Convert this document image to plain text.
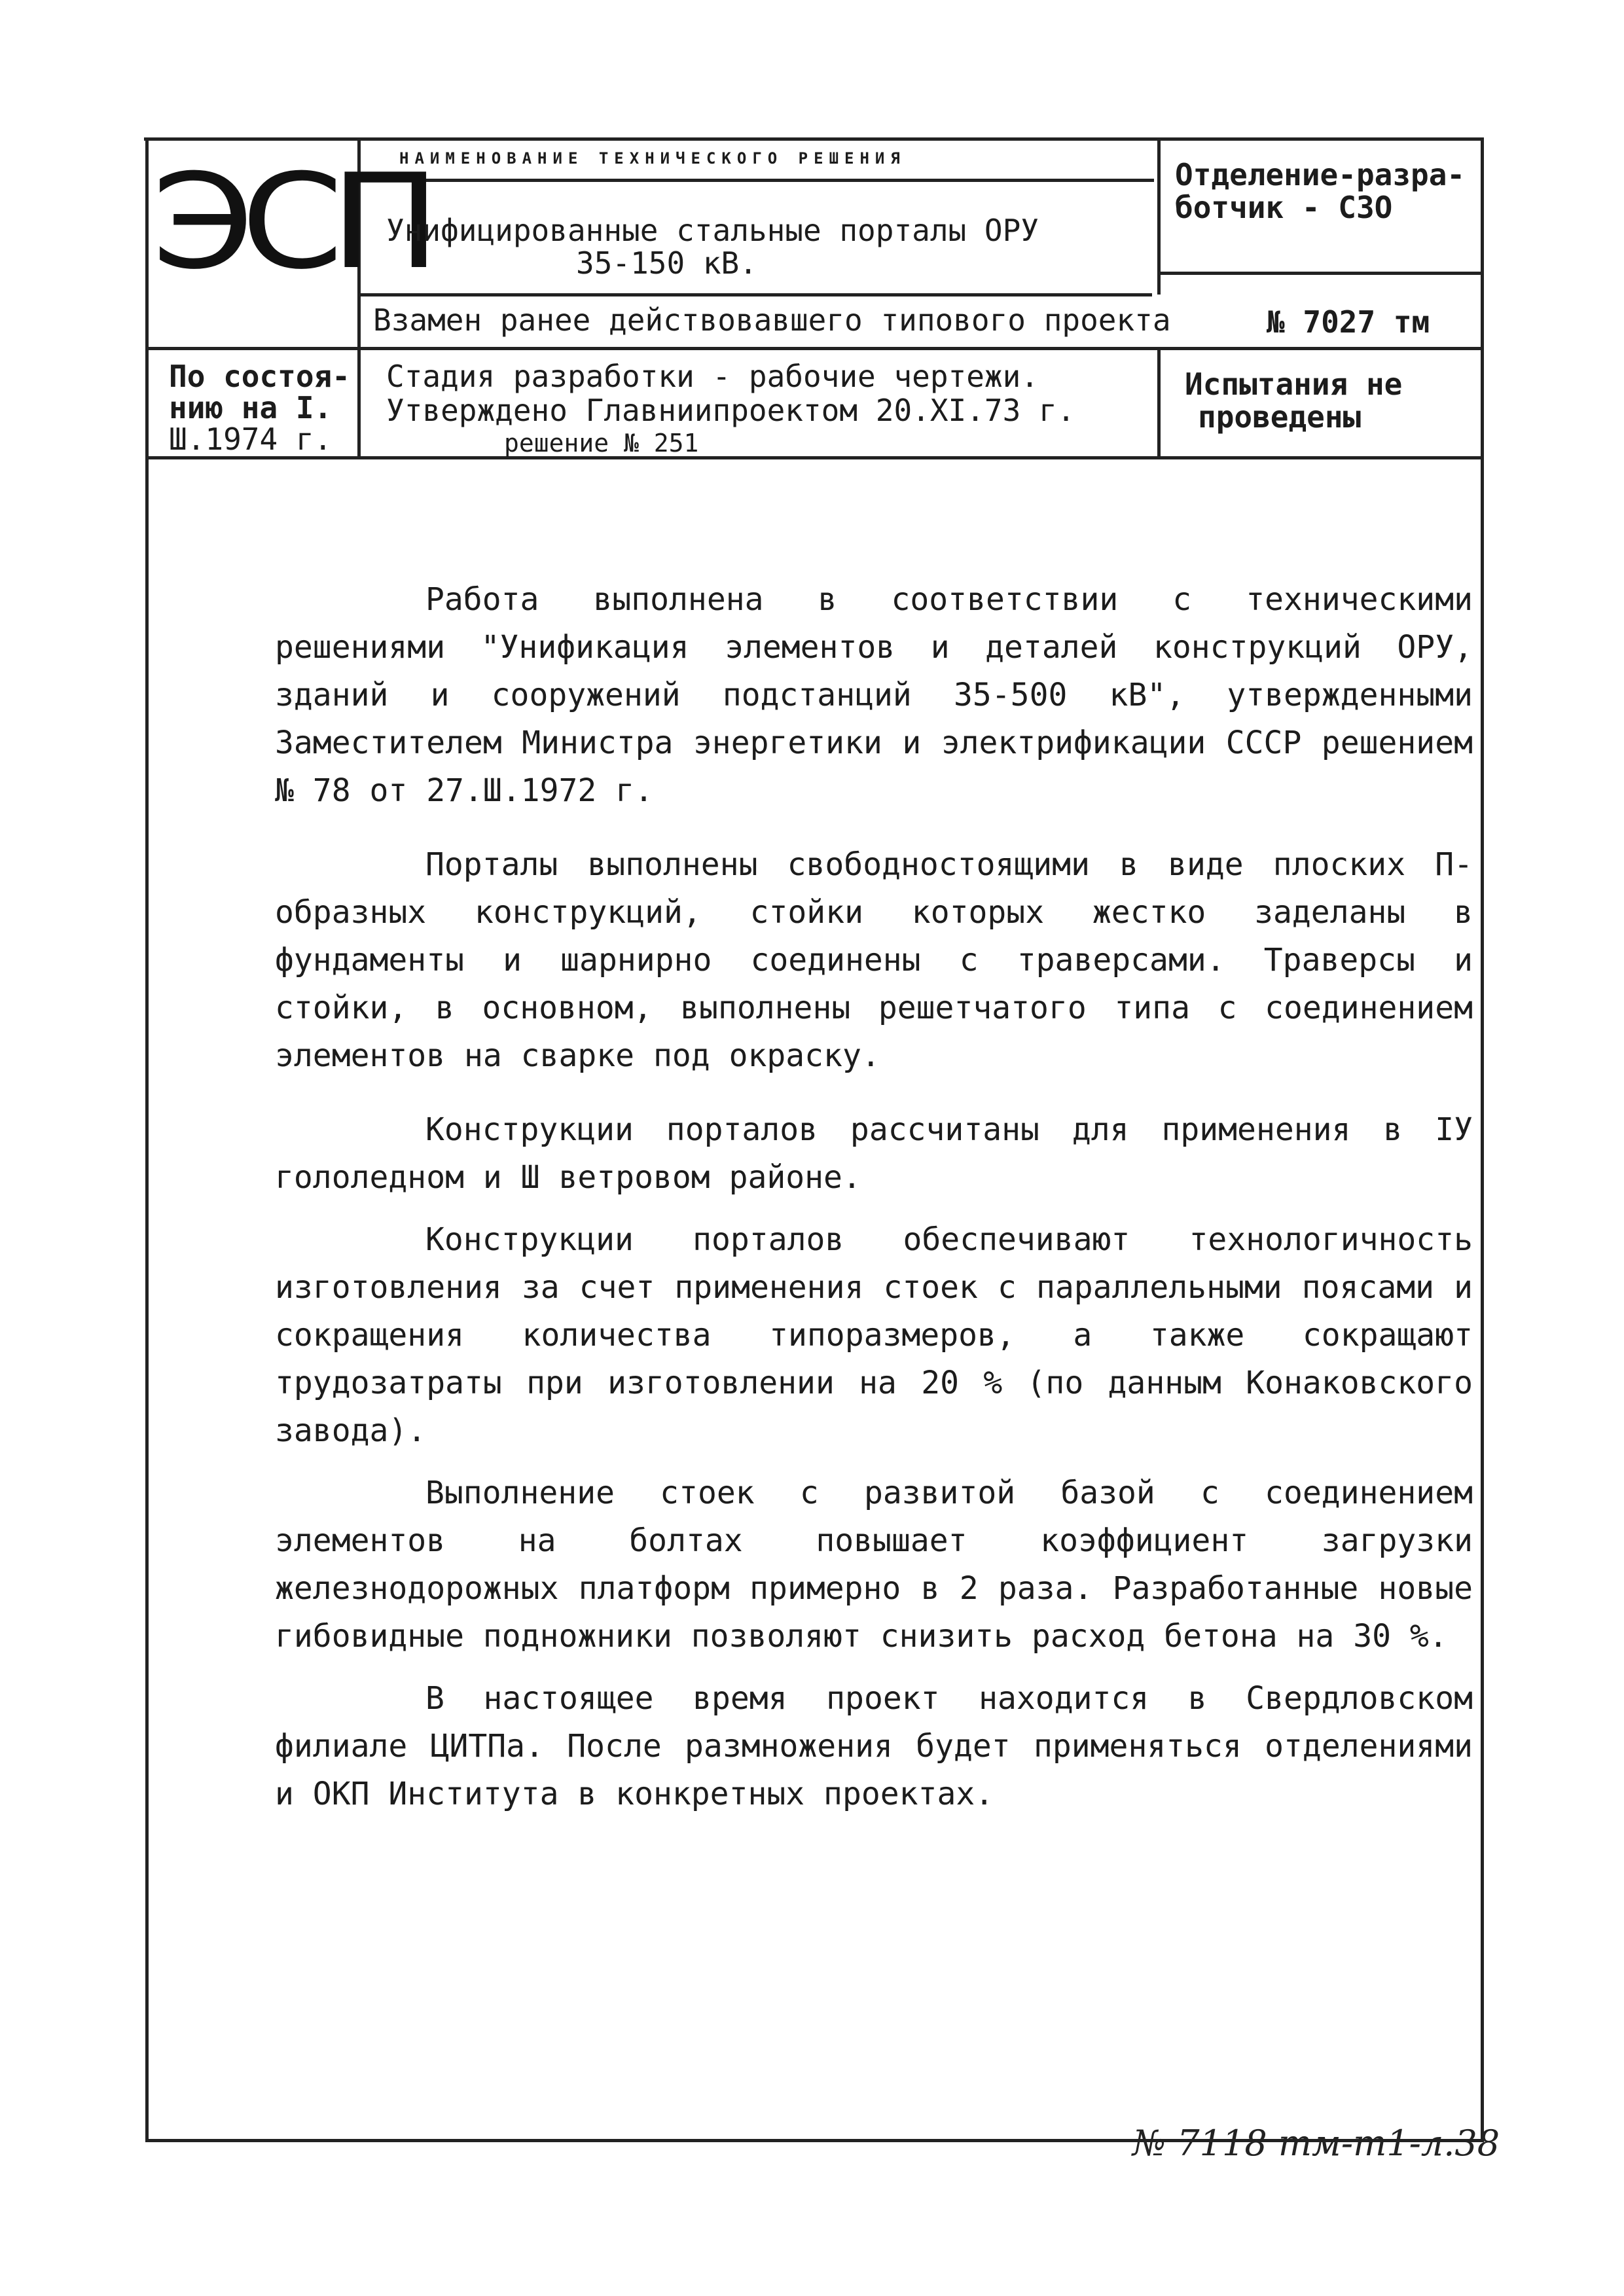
ЭСП
НАИМЕНОВАНИЕ ТЕХНИЧЕСКОГО РЕШЕНИЯ
Унифицированные стальные порталы ОРУ
35-150 кВ.
Отделение-разра-
ботчик - СЗО
Взамен ранее действовавшего типового проекта	№ 7027 тм
По состоя-
нию на I.
Ш.1974 г.
Стадия разработки - рабочие чертежи.
Утверждено Главниипроектом 20.XI.73 г.
решение № 251
Испытания не
проведены

Работа выполнена в соответствии с техническими решениями "Унификация элементов и деталей конструкций ОРУ, зданий и сооружений подстанций 35-500 кВ", утвержденными Заместителем Министра энергетики и электрификации СССР решением № 78 от 27.Ш.1972 г.

Порталы выполнены свободностоящими в виде плоских П-образных конструкций, стойки которых жестко заделаны в фундаменты и шарнирно соединены с траверсами. Траверсы и стойки, в основном, выполнены решетчатого типа с соединением элементов на сварке под окраску.

Конструкции порталов рассчитаны для применения в IУ гололедном и Ш ветровом районе.

Конструкции порталов обеспечивают технологичность изготовления за счет применения стоек с параллельными поясами и сокращения количества типоразмеров, а также сокращают трудозатраты при изготовлении на 20 % (по данным Конаковского завода).

Выполнение стоек с развитой базой с соединением элементов на болтах повышает коэффициент загрузки железнодорожных платформ примерно в 2 раза. Разработанные новые гибовидные подножники позволяют снизить расход бетона на 30 %.

В настоящее время проект находится в Свердловском филиале ЦИТПа. После размножения будет применяться отделениями и ОКП Института в конкретных проектах.

№ 7118 тм-т1-л.38
